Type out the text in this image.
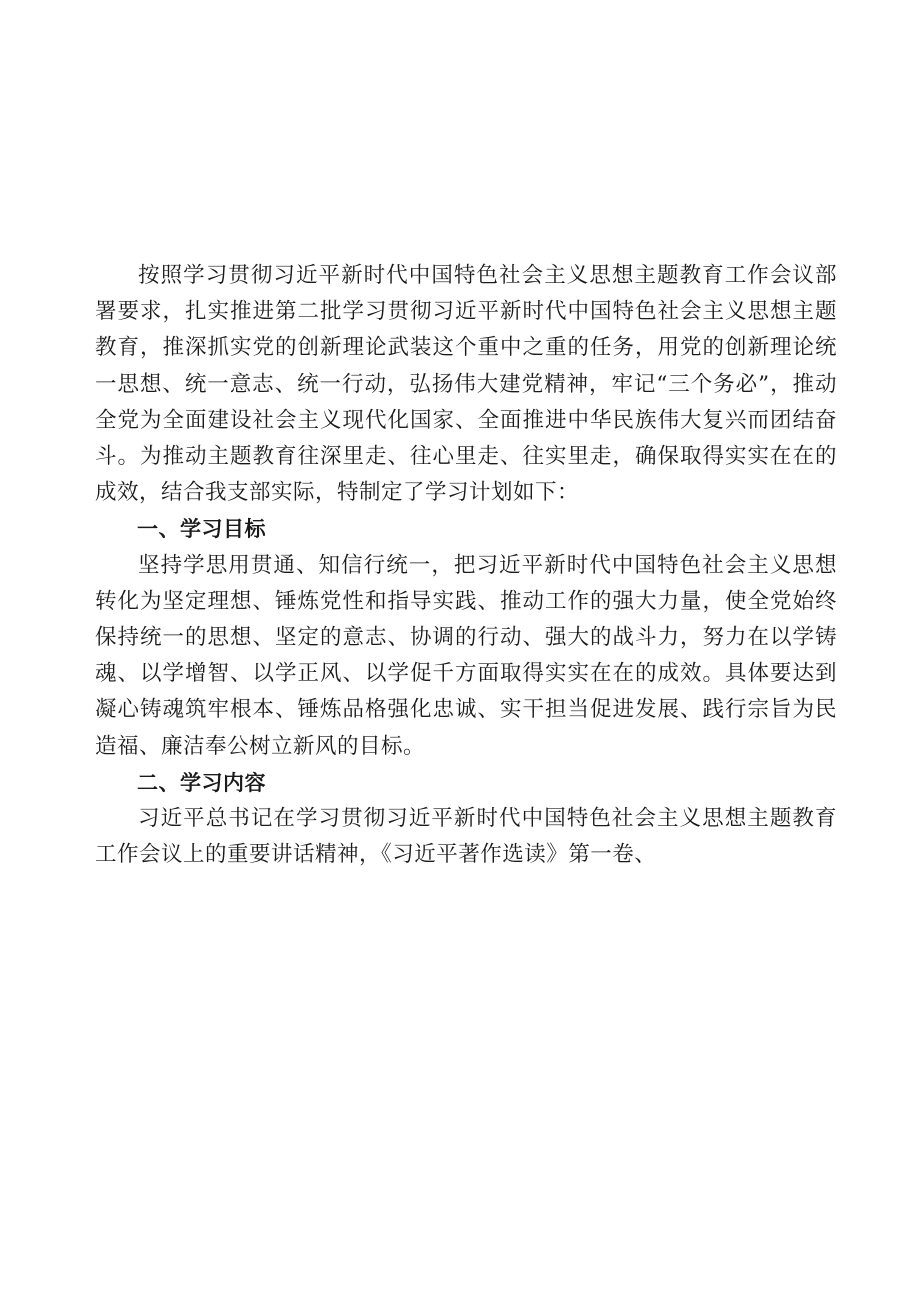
按照学习贯彻习近平新时代中国特色社会主义思想主题教育工作会议部署要求，扎实推进第二批学习贯彻习近平新时代中国特色社会主义思想主题教育，推深抓实党的创新理论武装这个重中之重的任务，用党的创新理论统一思想、统一意志、统一行动，弘扬伟大建党精神，牢记“三个务必”，推动全党为全面建设社会主义现代化国家、全面推进中华民族伟大复兴而团结奋斗。为推动主题教育往深里走、往心里走、往实里走，确保取得实实在在的成效，结合我支部实际，特制定了学习计划如下：

一、学习目标

坚持学思用贯通、知信行统一，把习近平新时代中国特色社会主义思想转化为坚定理想、锤炼党性和指导实践、推动工作的强大力量，使全党始终保持统一的思想、坚定的意志、协调的行动、强大的战斗力，努力在以学铸魂、以学增智、以学正风、以学促千方面取得实实在在的成效。具体要达到凝心铸魂筑牢根本、锤炼品格强化忠诚、实干担当促进发展、践行宗旨为民造福、廉洁奉公树立新风的目标。

二、学习内容

习近平总书记在学习贯彻习近平新时代中国特色社会主义思想主题教育工作会议上的重要讲话精神，《习近平著作选读》第一卷、
